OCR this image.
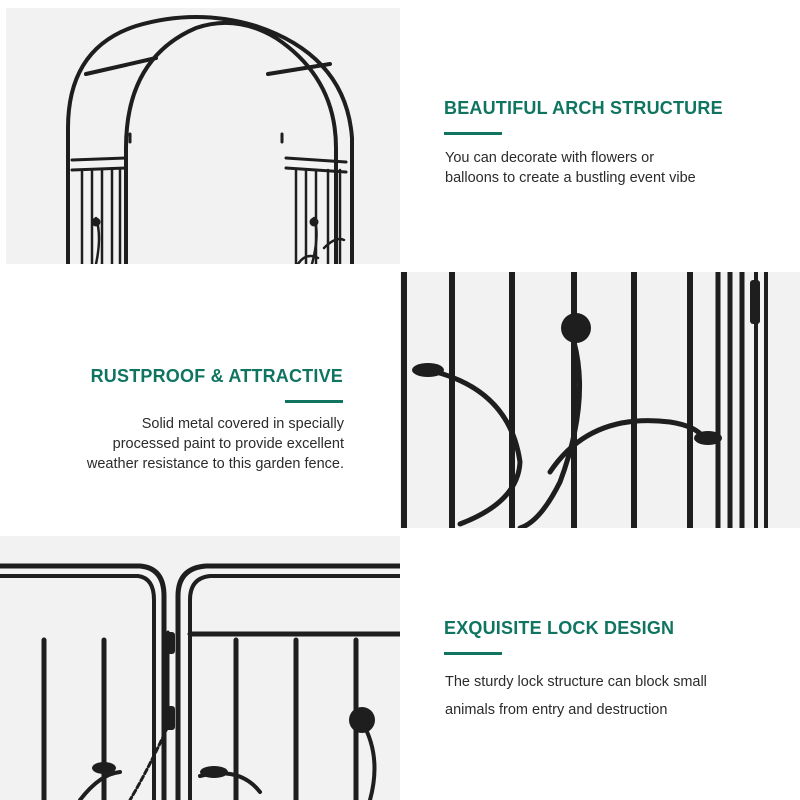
BEAUTIFUL ARCH STRUCTURE
You can decorate with flowers or
balloons to create a bustling event vibe
RUSTPROOF & ATTRACTIVE
Solid metal covered in specially
processed paint to provide excellent
weather resistance to this garden fence.
EXQUISITE LOCK DESIGN
The sturdy lock structure can block small
animals from entry and destruction
